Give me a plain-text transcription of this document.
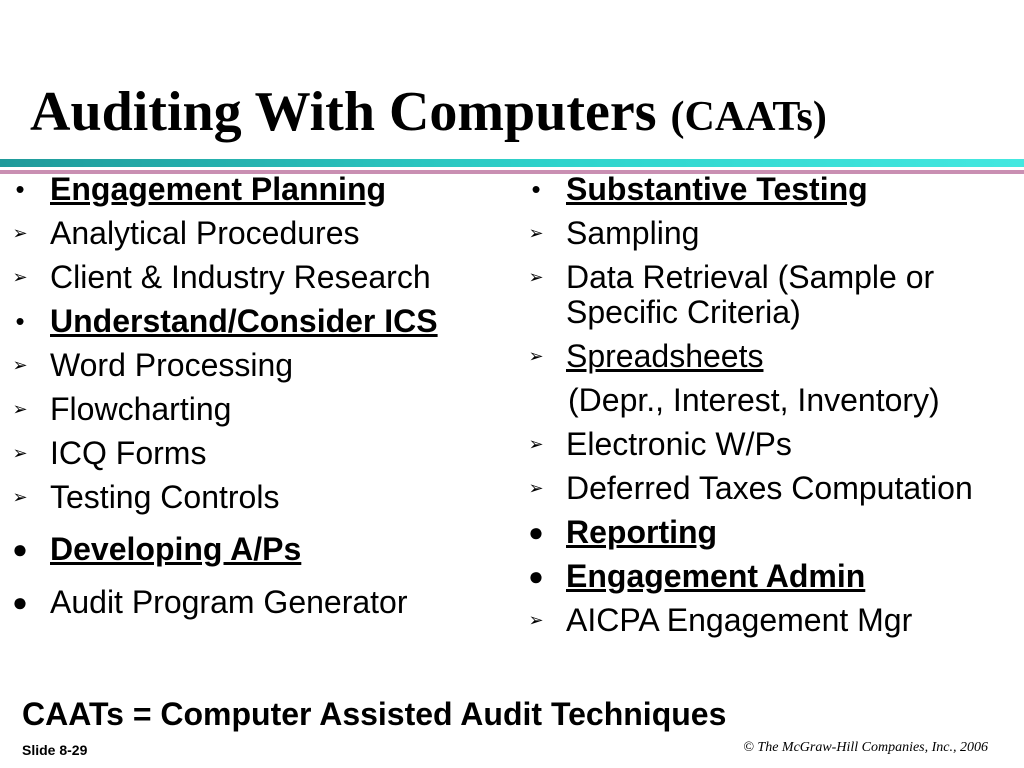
Auditing With Computers (CAATs)
• Engagement Planning
➢ Analytical Procedures
➢ Client & Industry Research
• Understand/Consider ICS
➢ Word Processing
➢ Flowcharting
➢ ICQ Forms
➢ Testing Controls
● Developing A/Ps
● Audit Program Generator
• Substantive Testing
➢ Sampling
➢ Data Retrieval (Sample or Specific Criteria)
➢ Spreadsheets
(Depr., Interest, Inventory)
➢ Electronic W/Ps
➢ Deferred Taxes Computation
● Reporting
● Engagement Admin
➢ AICPA Engagement Mgr

CAATs = Computer Assisted Audit Techniques

Slide 8-29	© The McGraw-Hill Companies, Inc., 2006
